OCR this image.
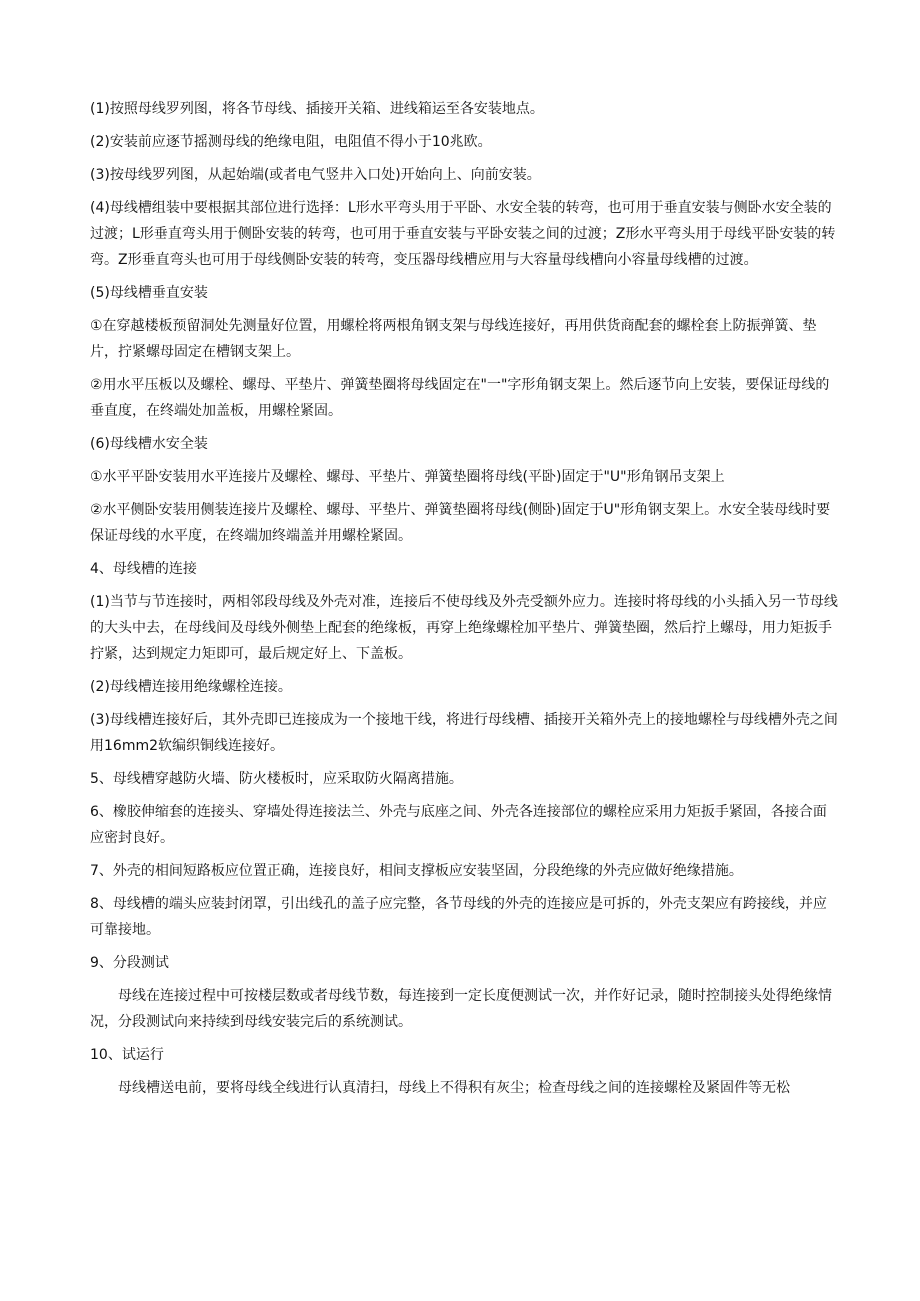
(1)按照母线罗列图，将各节母线、插接开关箱、进线箱运至各安装地点。

(2)安装前应逐节摇测母线的绝缘电阻，电阻值不得小于10兆欧。

(3)按母线罗列图，从起始端(或者电气竖井入口处)开始向上、向前安装。

(4)母线槽组装中要根据其部位进行选择：L形水平弯头用于平卧、水安全装的转弯，也可用于垂直安装与侧卧水安全装的过渡；L形垂直弯头用于侧卧安装的转弯，也可用于垂直安装与平卧安装之间的过渡；Z形水平弯头用于母线平卧安装的转弯。Z形垂直弯头也可用于母线侧卧安装的转弯，变压器母线槽应用与大容量母线槽向小容量母线槽的过渡。

(5)母线槽垂直安装

①在穿越楼板预留洞处先测量好位置，用螺栓将两根角钢支架与母线连接好，再用供货商配套的螺栓套上防振弹簧、垫片，拧紧螺母固定在槽钢支架上。

②用水平压板以及螺栓、螺母、平垫片、弹簧垫圈将母线固定在"一"字形角钢支架上。然后逐节向上安装，要保证母线的垂直度，在终端处加盖板，用螺栓紧固。

(6)母线槽水安全装

①水平平卧安装用水平连接片及螺栓、螺母、平垫片、弹簧垫圈将母线(平卧)固定于"U"形角钢吊支架上

②水平侧卧安装用侧装连接片及螺栓、螺母、平垫片、弹簧垫圈将母线(侧卧)固定于U"形角钢支架上。水安全装母线时要保证母线的水平度，在终端加终端盖并用螺栓紧固。

4、母线槽的连接

(1)当节与节连接时，两相邻段母线及外壳对准，连接后不使母线及外壳受额外应力。连接时将母线的小头插入另一节母线的大头中去，在母线间及母线外侧垫上配套的绝缘板，再穿上绝缘螺栓加平垫片、弹簧垫圈，然后拧上螺母，用力矩扳手拧紧，达到规定力矩即可，最后规定好上、下盖板。

(2)母线槽连接用绝缘螺栓连接。

(3)母线槽连接好后，其外壳即已连接成为一个接地干线，将进行母线槽、插接开关箱外壳上的接地螺栓与母线槽外壳之间用16mm2软编织铜线连接好。

5、母线槽穿越防火墙、防火楼板时，应采取防火隔离措施。

6、橡胶伸缩套的连接头、穿墙处得连接法兰、外壳与底座之间、外壳各连接部位的螺栓应采用力矩扳手紧固，各接合面应密封良好。

7、外壳的相间短路板应位置正确，连接良好，相间支撑板应安装坚固，分段绝缘的外壳应做好绝缘措施。

8、母线槽的端头应装封闭罩，引出线孔的盖子应完整，各节母线的外壳的连接应是可拆的，外壳支架应有跨接线，并应可靠接地。

9、分段测试

母线在连接过程中可按楼层数或者母线节数，每连接到一定长度便测试一次，并作好记录，随时控制接头处得绝缘情况，分段测试向来持续到母线安装完后的系统测试。

10、试运行

母线槽送电前，要将母线全线进行认真清扫，母线上不得积有灰尘；检查母线之间的连接螺栓及紧固件等无松
